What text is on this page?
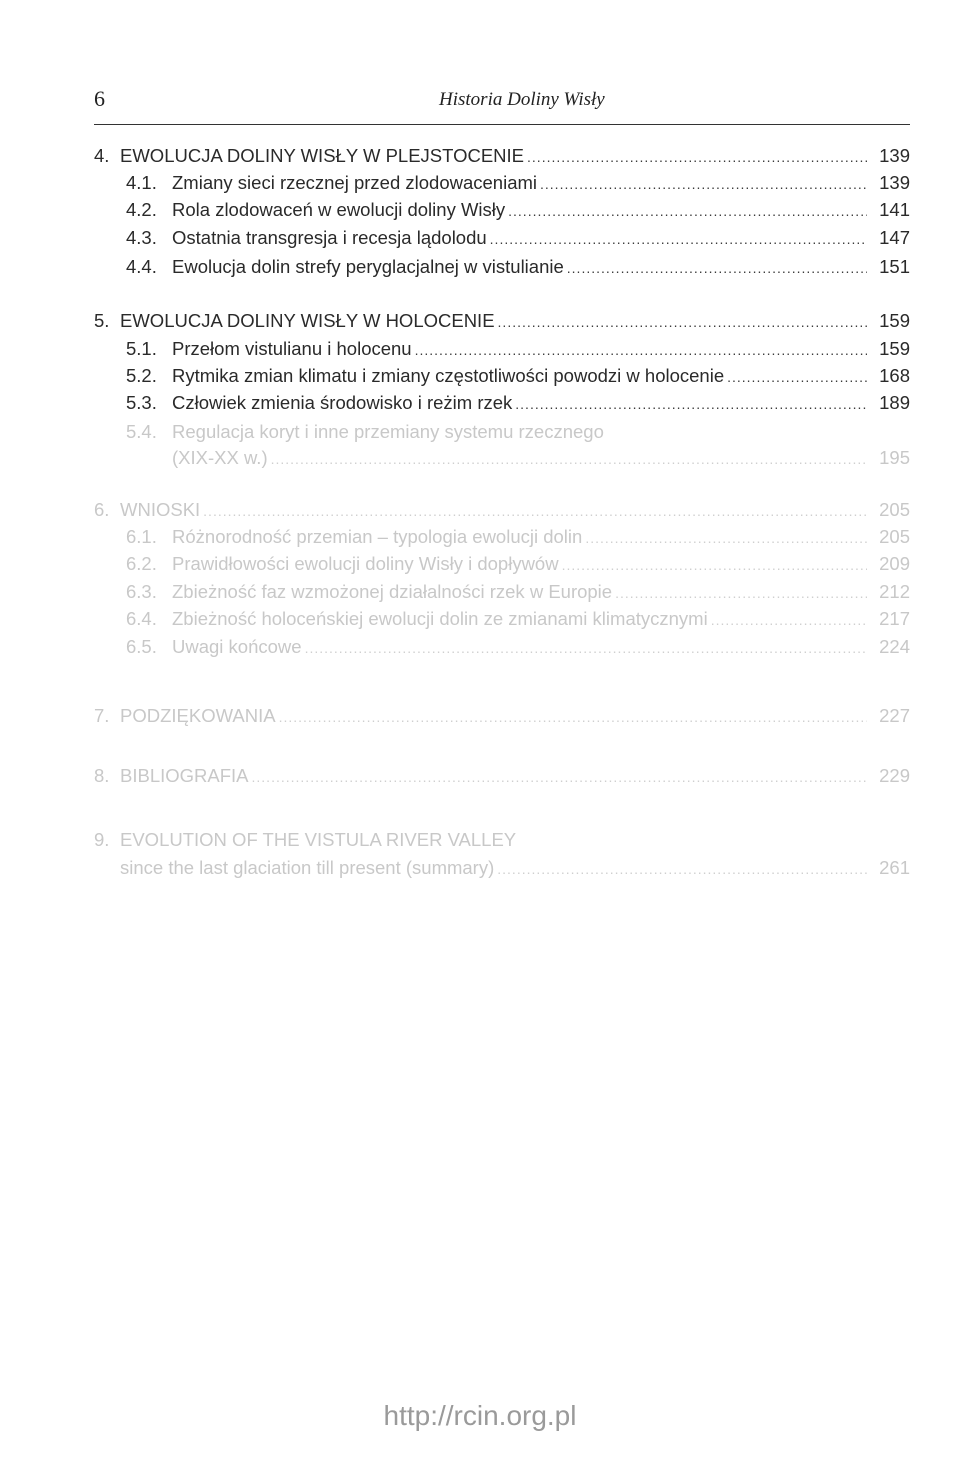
6	Historia Doliny Wisły
4. EWOLUCJA DOLINY WISŁY W PLEJSTOCENIE .....	139
4.1. Zmiany sieci rzecznej przed zlodowaceniami .....	139
4.2. Rola zlodowaceń w ewolucji doliny Wisły .....	141
4.3. Ostatnia transgresja i recesja lądolodu .....	147
4.4. Ewolucja dolin strefy peryglacjalnej w vistulianie .....	151
5. EWOLUCJA DOLINY WISŁY W HOLOCENIE .....	159
5.1. Przełom vistulianu i holocenu .....	159
5.2. Rytmika zmian klimatu i zmiany częstotliwości powodzi w holocenie .....	168
5.3. Człowiek zmienia środowisko i reżim rzek .....	189
5.4. Regulacja koryt i inne przemiany systemu rzecznego
(XIX-XX w.) .....	195
6. WNIOSKI .....	205
6.1. Różnorodność przemian – typologia ewolucji dolin .....	205
6.2. Prawidłowości ewolucji doliny Wisły i dopływów .....	209
6.3. Zbieżność faz wzmożonej działalności rzek w Europie .....	212
6.4. Zbieżność holoceńskiej ewolucji dolin ze zmianami klimatycznymi .....	217
6.5. Uwagi końcowe .....	224
7. PODZIĘKOWANIA .....	227
8. BIBLIOGRAFIA .....	229
9. EVOLUTION OF THE VISTULA RIVER VALLEY
since the last glaciation till present (summary) .....	261
http://rcin.org.pl
